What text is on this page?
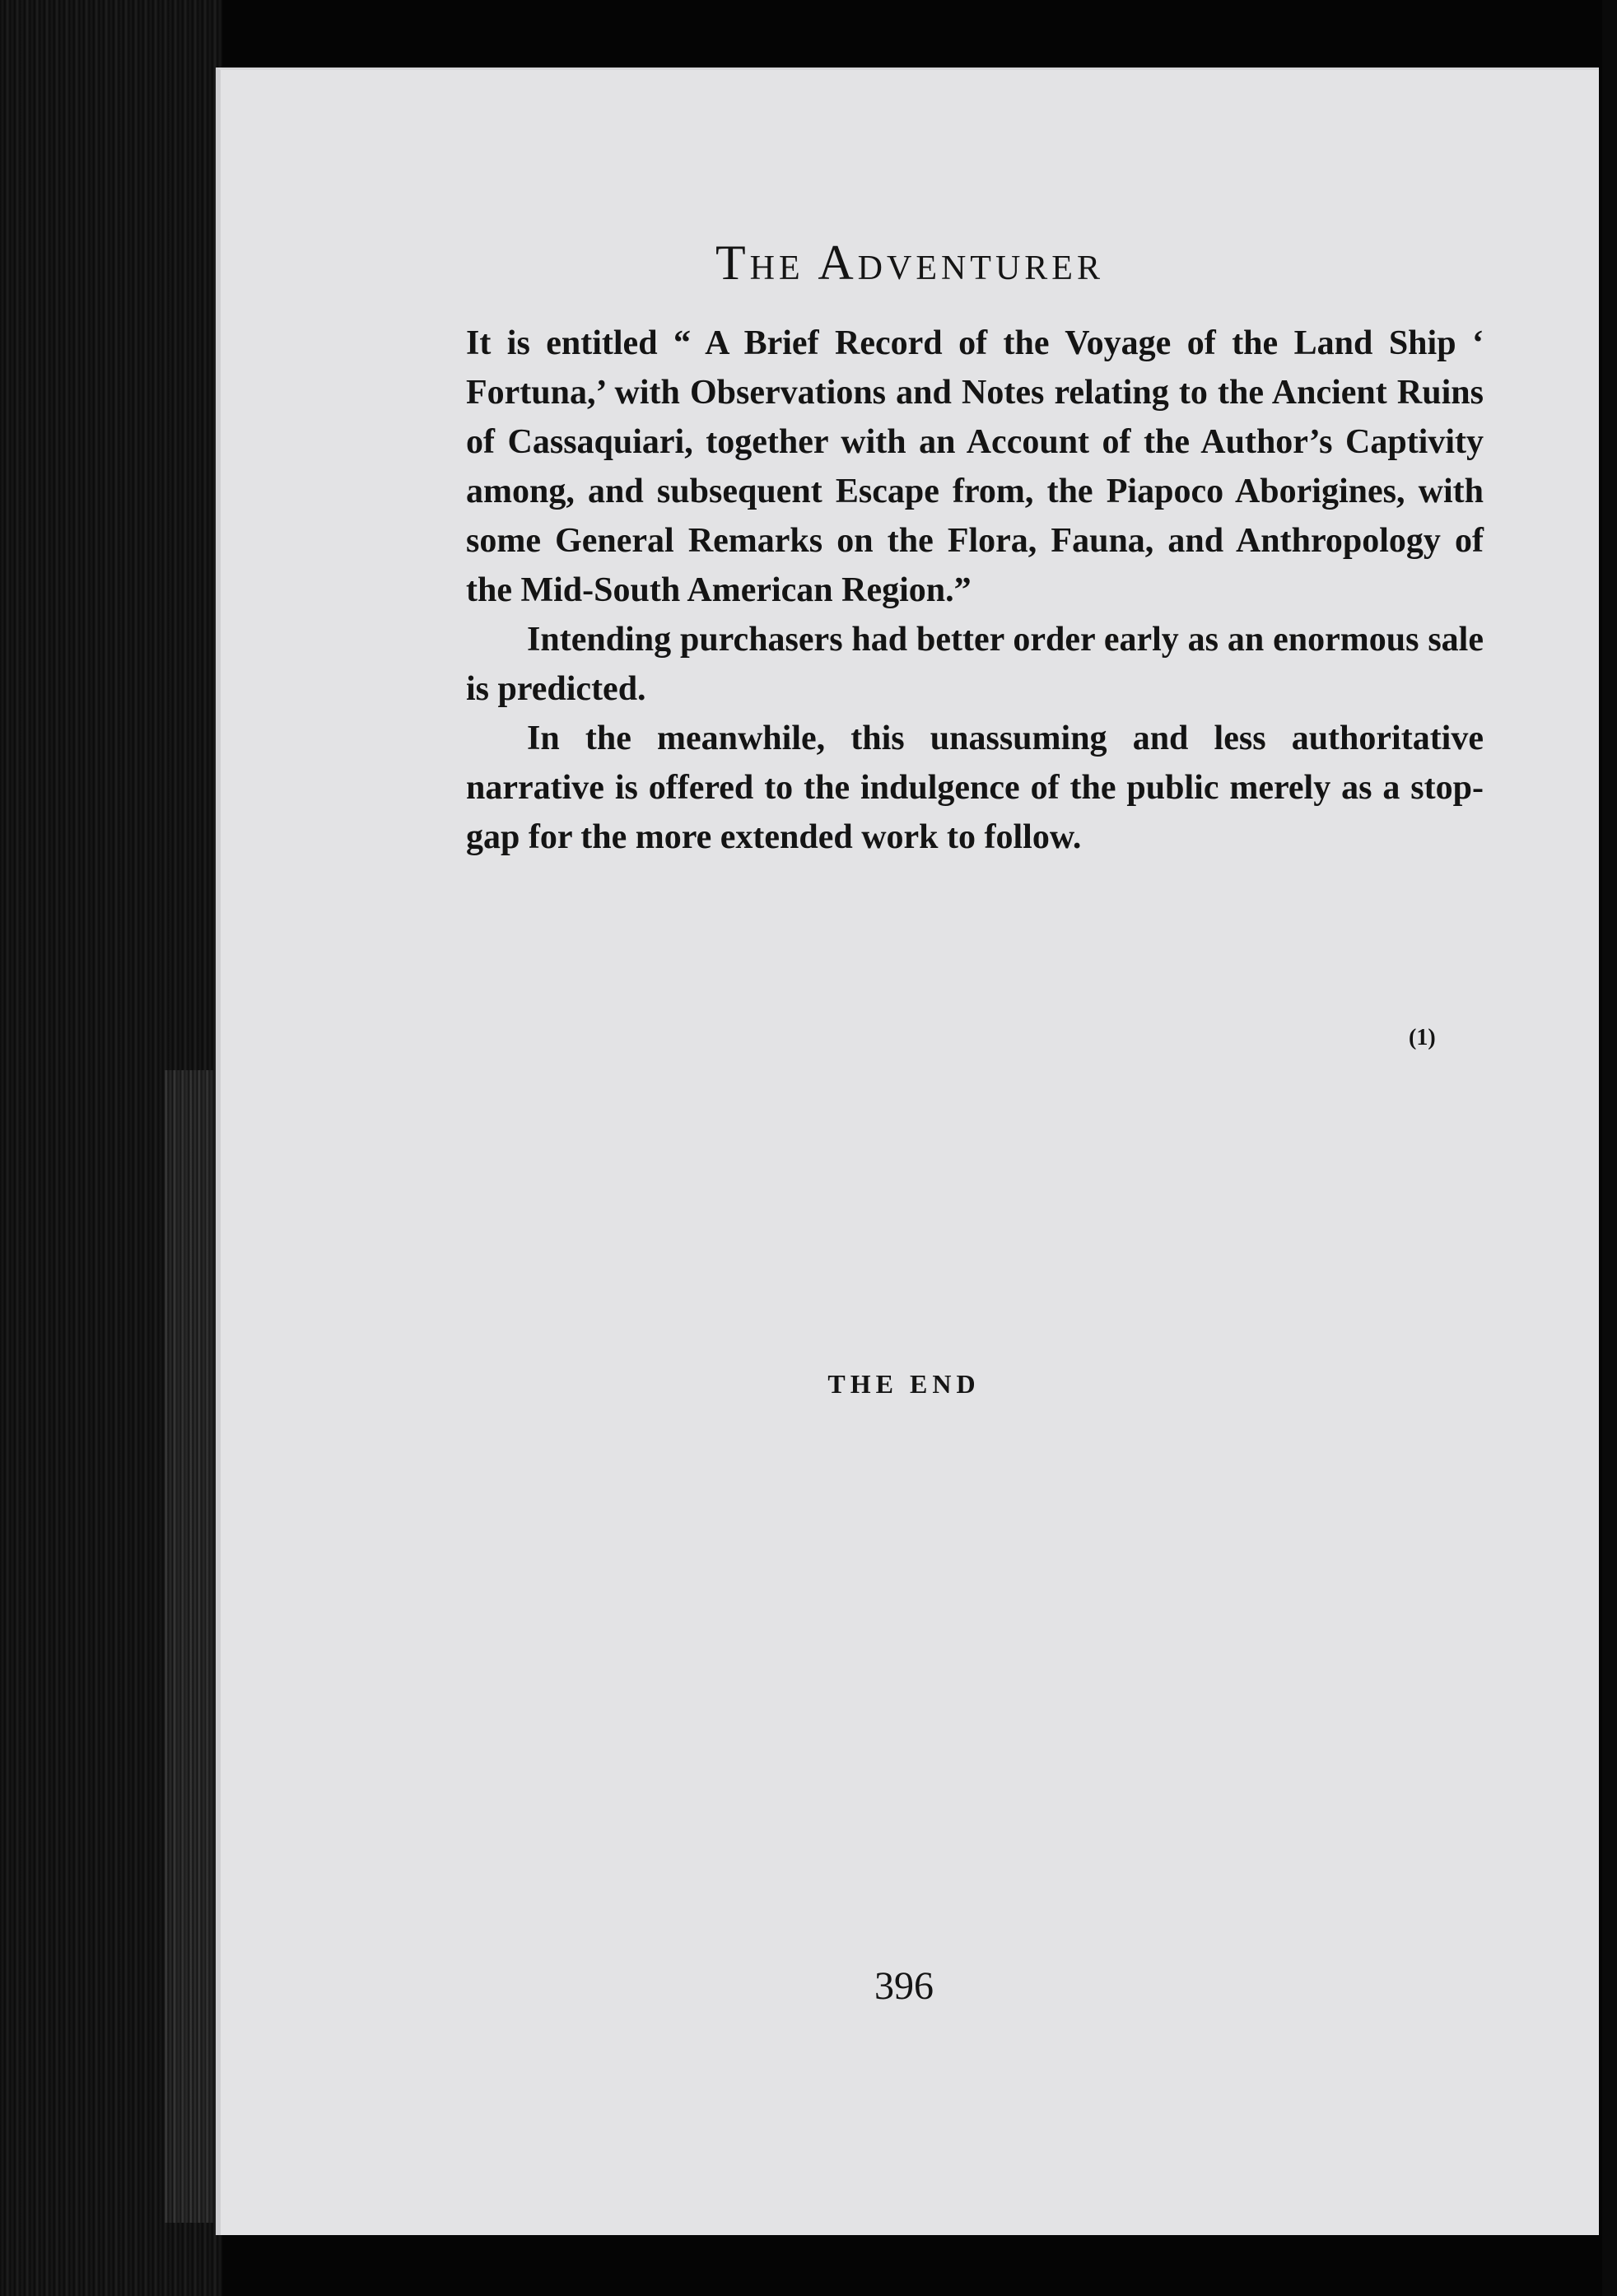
The Adventurer

It is entitled “ A Brief Record of the Voyage of the Land Ship ‘ Fortuna,’ with Observations and Notes relating to the Ancient Ruins of Cassaquiari, together with an Account of the Author’s Captivity among, and subsequent Escape from, the Piapoco Aborigines, with some General Remarks on the Flora, Fauna, and Anthropology of the Mid-South American Region.”

Intending purchasers had better order early as an enormous sale is predicted.

In the meanwhile, this unassuming and less authoritative narrative is offered to the indulgence of the public merely as a stop-gap for the more extended work to follow.

(1)
THE END
396
